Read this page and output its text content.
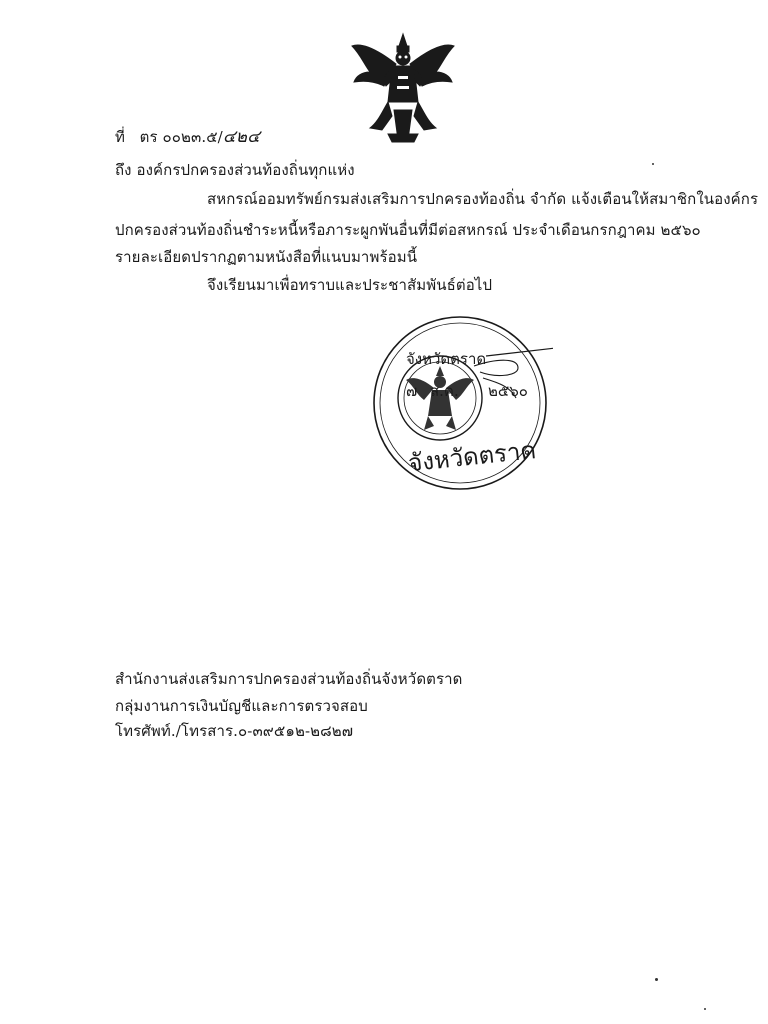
ที่ ตร ๐๐๒๓.๕/๔๒๔
ถึง องค์กรปกครองส่วนท้องถิ่นทุกแห่ง
สหกรณ์ออมทรัพย์กรมส่งเสริมการปกครองท้องถิ่น จำกัด แจ้งเตือนให้สมาชิกในองค์กร
ปกครองส่วนท้องถิ่นชำระหนี้หรือภาระผูกพันอื่นที่มีต่อสหกรณ์ ประจำเดือนกรกฎาคม ๒๕๖๐
รายละเอียดปรากฏตามหนังสือที่แนบมาพร้อมนี้
จึงเรียนมาเพื่อทราบและประชาสัมพันธ์ต่อไป
จังหวัดตราด
๗ ส.ค. ๒๕๖๐
จังหวัดตราด
สำนักงานส่งเสริมการปกครองส่วนท้องถิ่นจังหวัดตราด
กลุ่มงานการเงินบัญชีและการตรวจสอบ
โทรศัพท์./โทรสาร.๐-๓๙๕๑๒-๒๘๒๗
